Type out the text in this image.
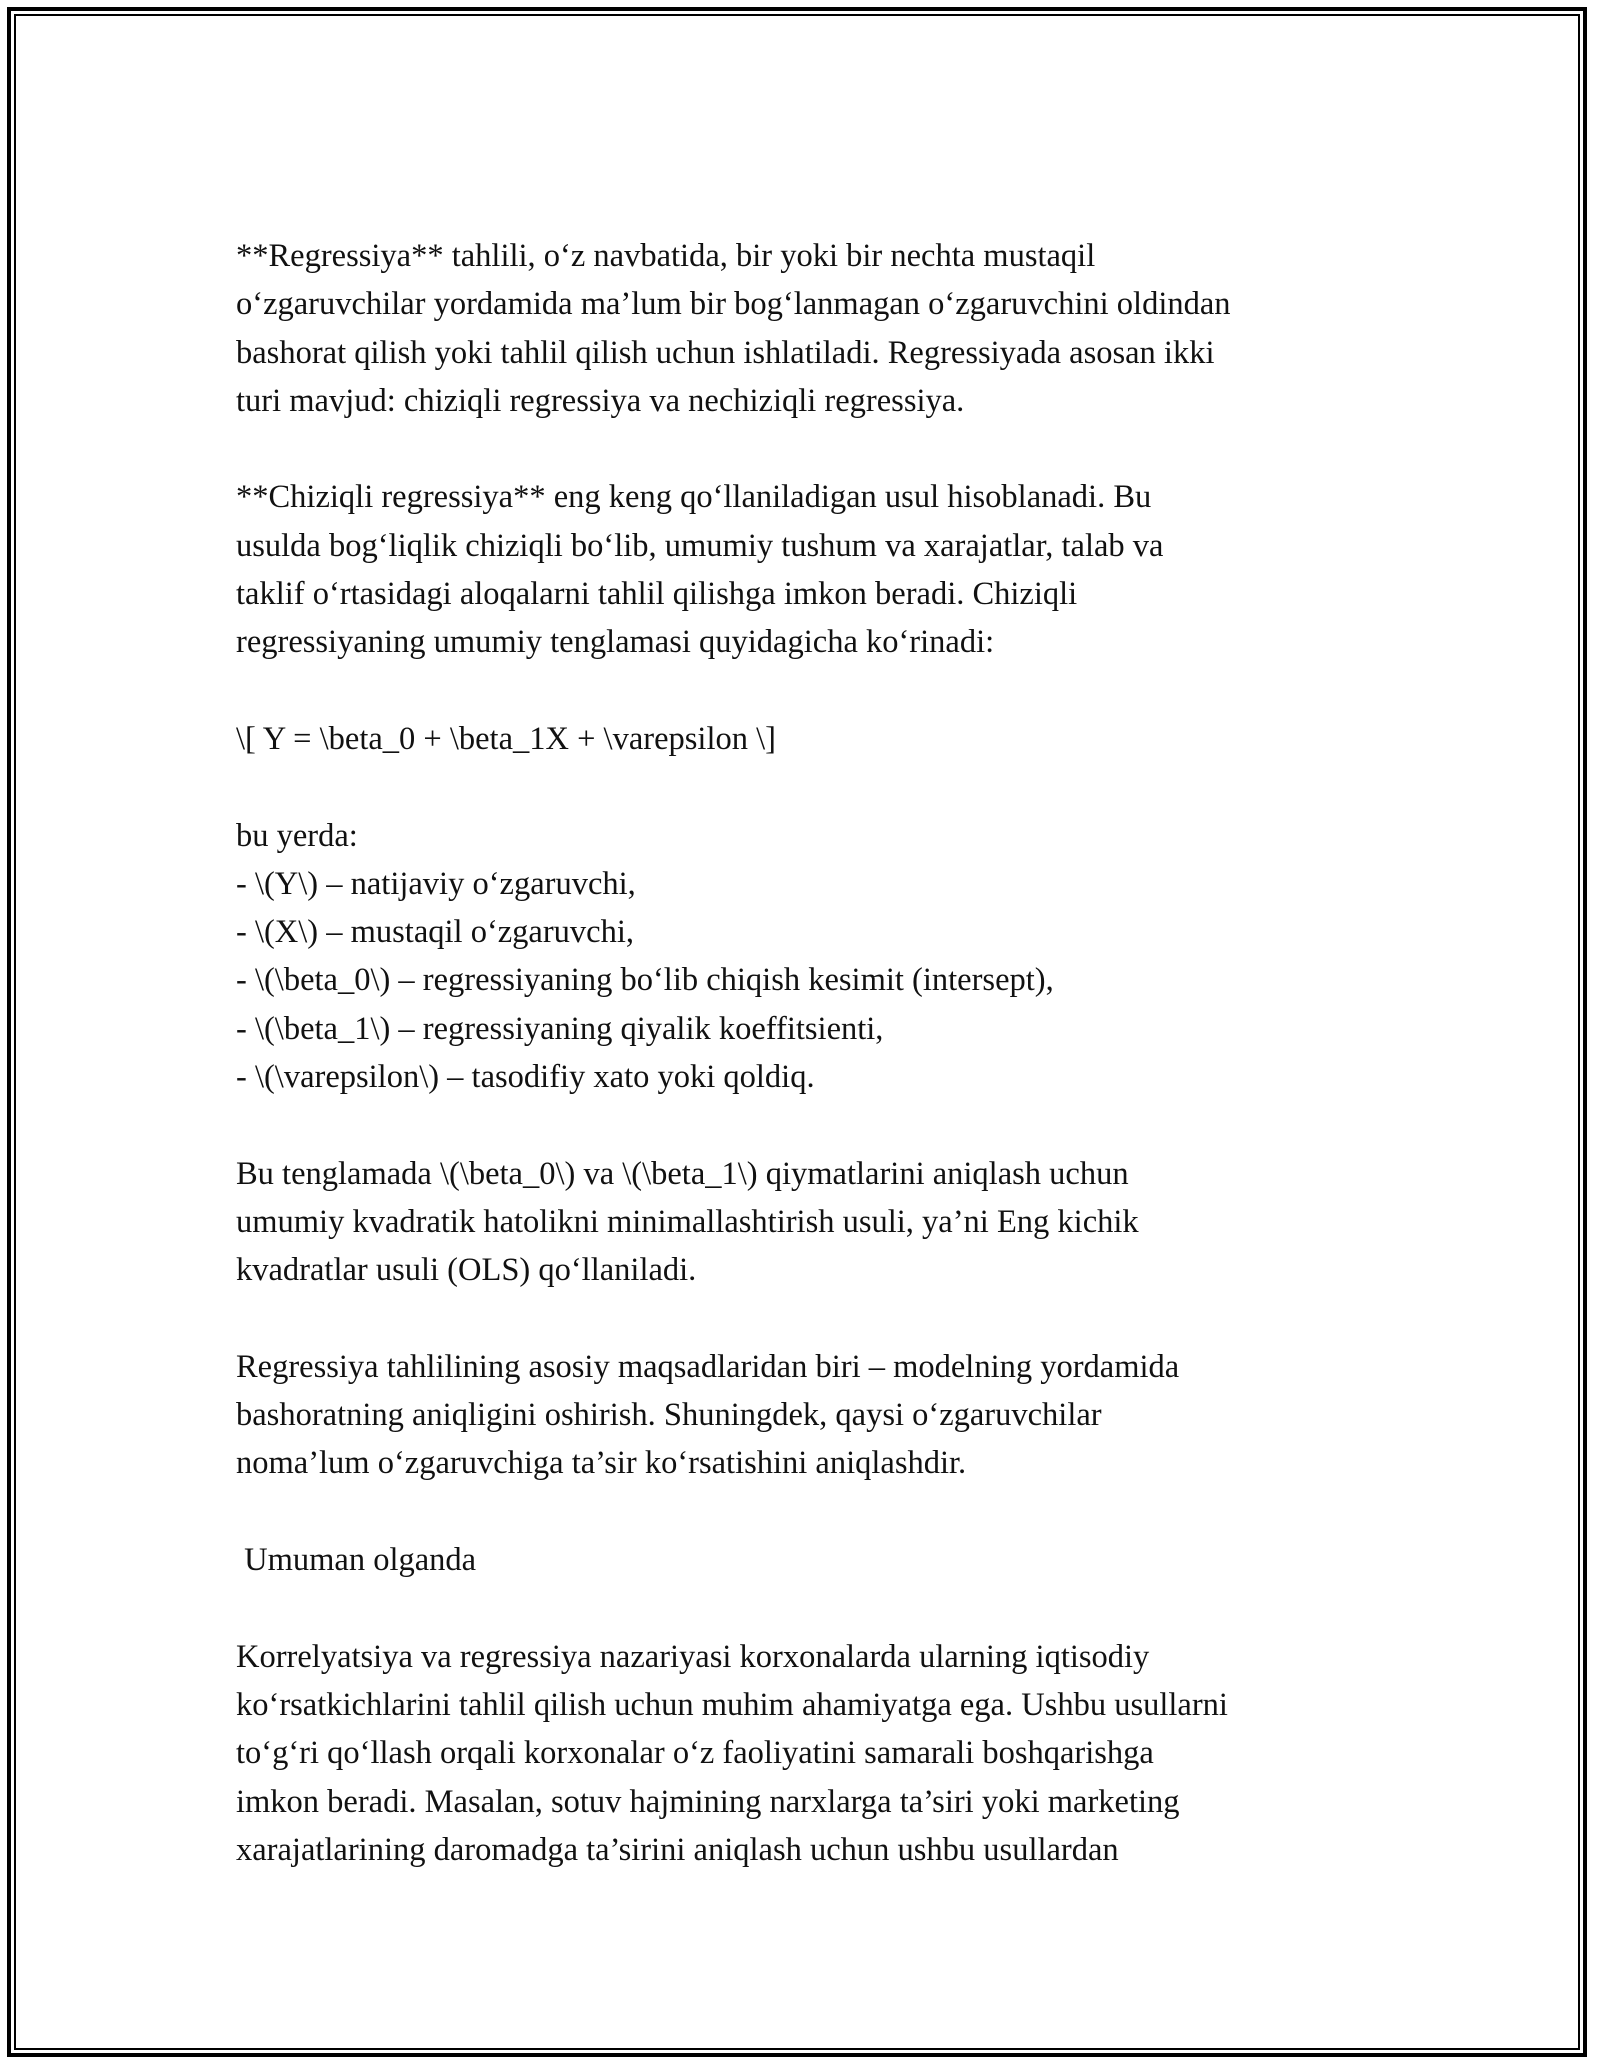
**Regressiya** tahlili, o‘z navbatida, bir yoki bir nechta mustaqil
o‘zgaruvchilar yordamida ma’lum bir bog‘lanmagan o‘zgaruvchini oldindan
bashorat qilish yoki tahlil qilish uchun ishlatiladi. Regressiyada asosan ikki
turi mavjud: chiziqli regressiya va nechiziqli regressiya.

**Chiziqli regressiya** eng keng qo‘llaniladigan usul hisoblanadi. Bu
usulda bog‘liqlik chiziqli bo‘lib, umumiy tushum va xarajatlar, talab va
taklif o‘rtasidagi aloqalarni tahlil qilishga imkon beradi. Chiziqli
regressiyaning umumiy tenglamasi quyidagicha ko‘rinadi:

\[ Y = \beta_0 + \beta_1X + \varepsilon \]

bu yerda:
- \(Y\) – natijaviy o‘zgaruvchi,
- \(X\) – mustaqil o‘zgaruvchi,
- \(\beta_0\) – regressiyaning bo‘lib chiqish kesimit (intersept),
- \(\beta_1\) – regressiyaning qiyalik koeffitsienti,
- \(\varepsilon\) – tasodifiy xato yoki qoldiq.

Bu tenglamada \(\beta_0\) va \(\beta_1\) qiymatlarini aniqlash uchun
umumiy kvadratik hatolikni minimallashtirish usuli, ya’ni Eng kichik
kvadratlar usuli (OLS) qo‘llaniladi.

Regressiya tahlilining asosiy maqsadlaridan biri – modelning yordamida
bashoratning aniqligini oshirish. Shuningdek, qaysi o‘zgaruvchilar
noma’lum o‘zgaruvchiga ta’sir ko‘rsatishini aniqlashdir.

Umuman olganda

Korrelyatsiya va regressiya nazariyasi korxonalarda ularning iqtisodiy
ko‘rsatkichlarini tahlil qilish uchun muhim ahamiyatga ega. Ushbu usullarni
to‘g‘ri qo‘llash orqali korxonalar o‘z faoliyatini samarali boshqarishga
imkon beradi. Masalan, sotuv hajmining narxlarga ta’siri yoki marketing
xarajatlarining daromadga ta’sirini aniqlash uchun ushbu usullardan
